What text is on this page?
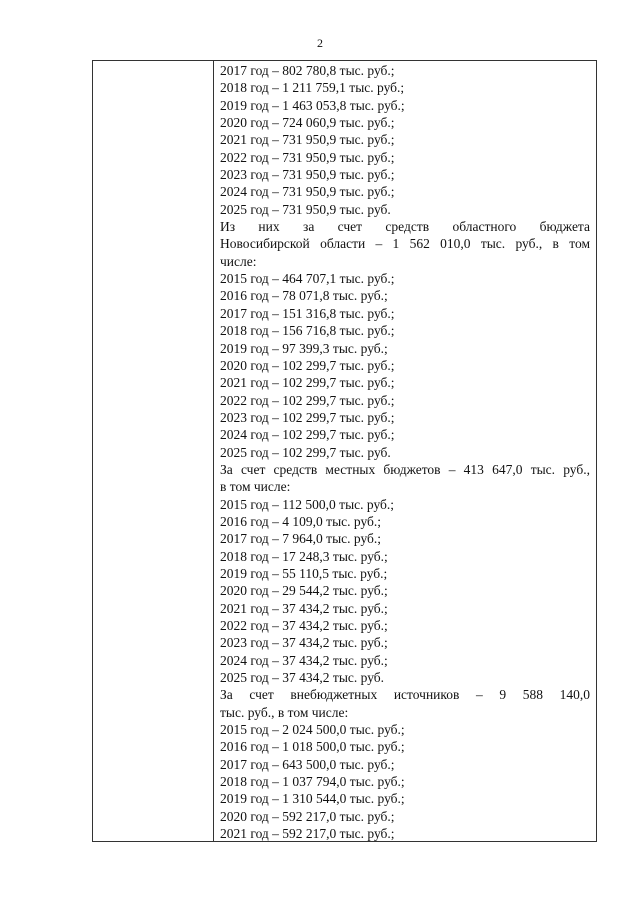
2
2017 год – 802 780,8 тыс. руб.;
2018 год – 1 211 759,1 тыс. руб.;
2019 год – 1 463 053,8 тыс. руб.;
2020 год – 724 060,9 тыс. руб.;
2021 год – 731 950,9 тыс. руб.;
2022 год – 731 950,9 тыс. руб.;
2023 год – 731 950,9 тыс. руб.;
2024 год – 731 950,9 тыс. руб.;
2025 год – 731 950,9 тыс. руб.
Из них за счет средств областного бюджета
Новосибирской области – 1 562 010,0 тыс. руб., в том
числе:
2015 год – 464 707,1 тыс. руб.;
2016 год – 78 071,8 тыс. руб.;
2017 год – 151 316,8 тыс. руб.;
2018 год – 156 716,8 тыс. руб.;
2019 год – 97 399,3 тыс. руб.;
2020 год – 102 299,7 тыс. руб.;
2021 год – 102 299,7 тыс. руб.;
2022 год – 102 299,7 тыс. руб.;
2023 год – 102 299,7 тыс. руб.;
2024 год – 102 299,7 тыс. руб.;
2025 год – 102 299,7 тыс. руб.
За счет средств местных бюджетов – 413 647,0 тыс. руб.,
в том числе:
2015 год – 112 500,0 тыс. руб.;
2016 год – 4 109,0 тыс. руб.;
2017 год – 7 964,0 тыс. руб.;
2018 год – 17 248,3 тыс. руб.;
2019 год – 55 110,5 тыс. руб.;
2020 год – 29 544,2 тыс. руб.;
2021 год – 37 434,2 тыс. руб.;
2022 год – 37 434,2 тыс. руб.;
2023 год – 37 434,2 тыс. руб.;
2024 год – 37 434,2 тыс. руб.;
2025 год – 37 434,2 тыс. руб.
За счет внебюджетных источников – 9 588 140,0
тыс. руб., в том числе:
2015 год – 2 024 500,0 тыс. руб.;
2016 год – 1 018 500,0 тыс. руб.;
2017 год – 643 500,0 тыс. руб.;
2018 год – 1 037 794,0 тыс. руб.;
2019 год – 1 310 544,0 тыс. руб.;
2020 год – 592 217,0 тыс. руб.;
2021 год – 592 217,0 тыс. руб.;
